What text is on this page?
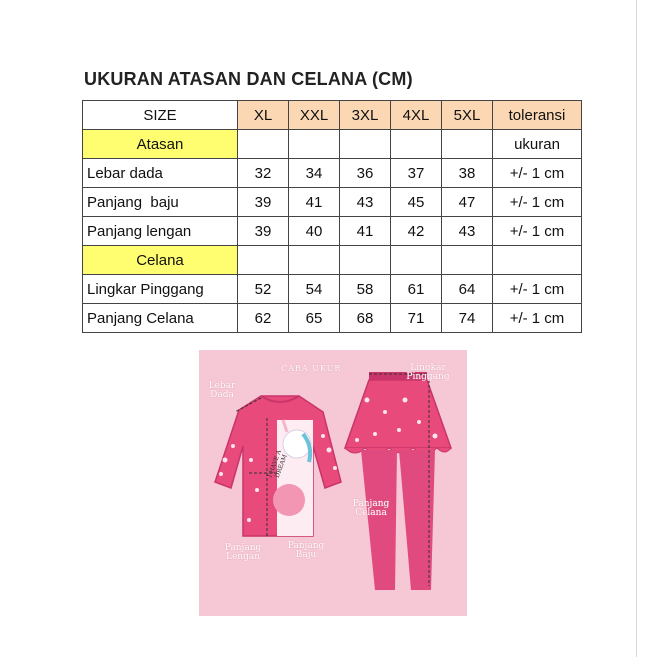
UKURAN ATASAN DAN CELANA (CM)
SIZE	XL	XXL	3XL	4XL	5XL	toleransi
Atasan						ukuran
Lebar dada	32	34	36	37	38	+/- 1 cm
Panjang  baju	39	41	43	45	47	+/- 1 cm
Panjang lengan	39	40	41	42	43	+/- 1 cm
Celana						
Lingkar Pinggang	52	54	58	61	64	+/- 1 cm
Panjang Celana	62	65	68	71	74	+/- 1 cm
CARA UKUR
Lebar Dada
Panjang Lengan
Panjang Baju
Lingkar Pinggang
Panjang Celana
I HAVE A DREAM
